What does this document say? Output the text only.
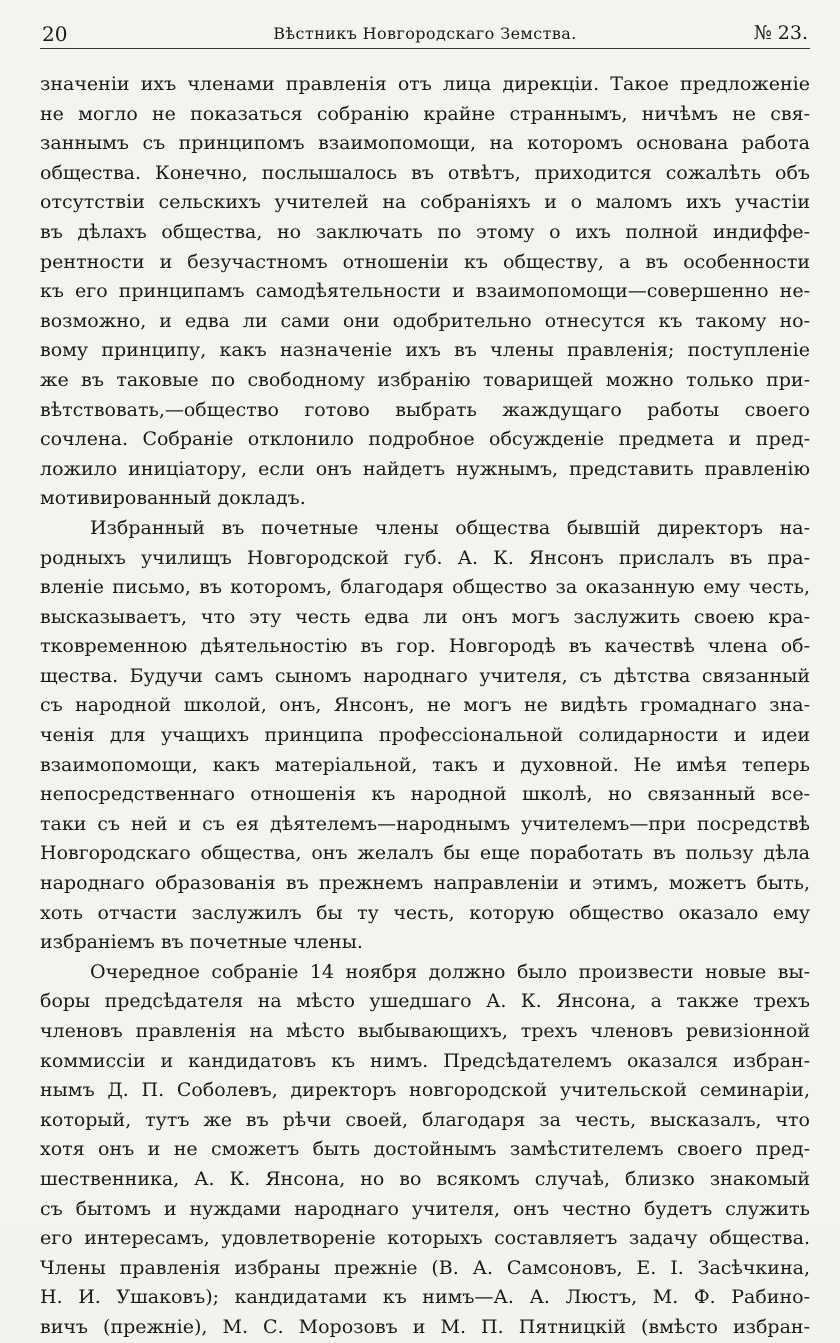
20	Вѣстникъ Новгородскаго Земства.	№ 23.
значеніи ихъ членами правленія отъ лица дирекціи. Такое предложеніе
не могло не показаться собранію крайне страннымъ, ничѣмъ не свя-
заннымъ съ принципомъ взаимопомощи, на которомъ основана работа
общества. Конечно, послышалось въ отвѣтъ, приходится сожалѣть объ
отсутствіи сельскихъ учителей на собраніяхъ и о маломъ ихъ участіи
въ дѣлахъ общества, но заключать по этому о ихъ полной индиффе-
рентности и безучастномъ отношеніи къ обществу, а въ особенности
къ его принципамъ самодѣятельности и взаимопомощи—совершенно не-
возможно, и едва ли сами они одобрительно отнесутся къ такому но-
вому принципу, какъ назначеніе ихъ въ члены правленія; поступленіе
же въ таковые по свободному избранію товарищей можно только при-
вѣтствовать,—общество готово выбрать жаждущаго работы своего
сочлена. Собраніе отклонило подробное обсужденіе предмета и пред-
ложило иниціатору, если онъ найдетъ нужнымъ, представить правленію
мотивированный докладъ.
Избранный въ почетные члены общества бывшій директоръ на-
родныхъ училищъ Новгородской губ. А. К. Янсонъ прислалъ въ пра-
вленіе письмо, въ которомъ, благодаря общество за оказанную ему честь,
высказываетъ, что эту честь едва ли онъ могъ заслужить своею кра-
тковременною дѣятельностію въ гор. Новгородѣ въ качествѣ члена об-
щества. Будучи самъ сыномъ народнаго учителя, съ дѣтства связанный
съ народной школой, онъ, Янсонъ, не могъ не видѣть громаднаго зна-
ченія для учащихъ принципа профессіональной солидарности и идеи
взаимопомощи, какъ матеріальной, такъ и духовной. Не имѣя теперь
непосредственнаго отношенія къ народной школѣ, но связанный все-
таки съ ней и съ ея дѣятелемъ—народнымъ учителемъ—при посредствѣ
Новгородскаго общества, онъ желалъ бы еще поработать въ пользу дѣла
народнаго образованія въ прежнемъ направленіи и этимъ, можетъ быть,
хоть отчасти заслужилъ бы ту честь, которую общество оказало ему
избраніемъ въ почетные члены.
Очередное собраніе 14 ноября должно было произвести новые вы-
боры предсѣдателя на мѣсто ушедшаго А. К. Янсона, а также трехъ
членовъ правленія на мѣсто выбывающихъ, трехъ членовъ ревизіонной
коммиссіи и кандидатовъ къ нимъ. Предсѣдателемъ оказался избран-
нымъ Д. П. Соболевъ, директоръ новгородской учительской семинаріи,
который, тутъ же въ рѣчи своей, благодаря за честь, высказалъ, что
хотя онъ и не сможетъ быть достойнымъ замѣстителемъ своего пред-
шественника, А. К. Янсона, но во всякомъ случаѣ, близко знакомый
съ бытомъ и нуждами народнаго учителя, онъ честно будетъ служить
его интересамъ, удовлетвореніе которыхъ составляетъ задачу общества.
Члены правленія избраны прежніе (В. А. Самсоновъ, Е. І. Засѣчкина,
Н. И. Ушаковъ); кандидатами къ нимъ—А. А. Люстъ, М. Ф. Рабино-
вичъ (прежніе), М. С. Морозовъ и М. П. Пятницкій (вмѣсто избран-
